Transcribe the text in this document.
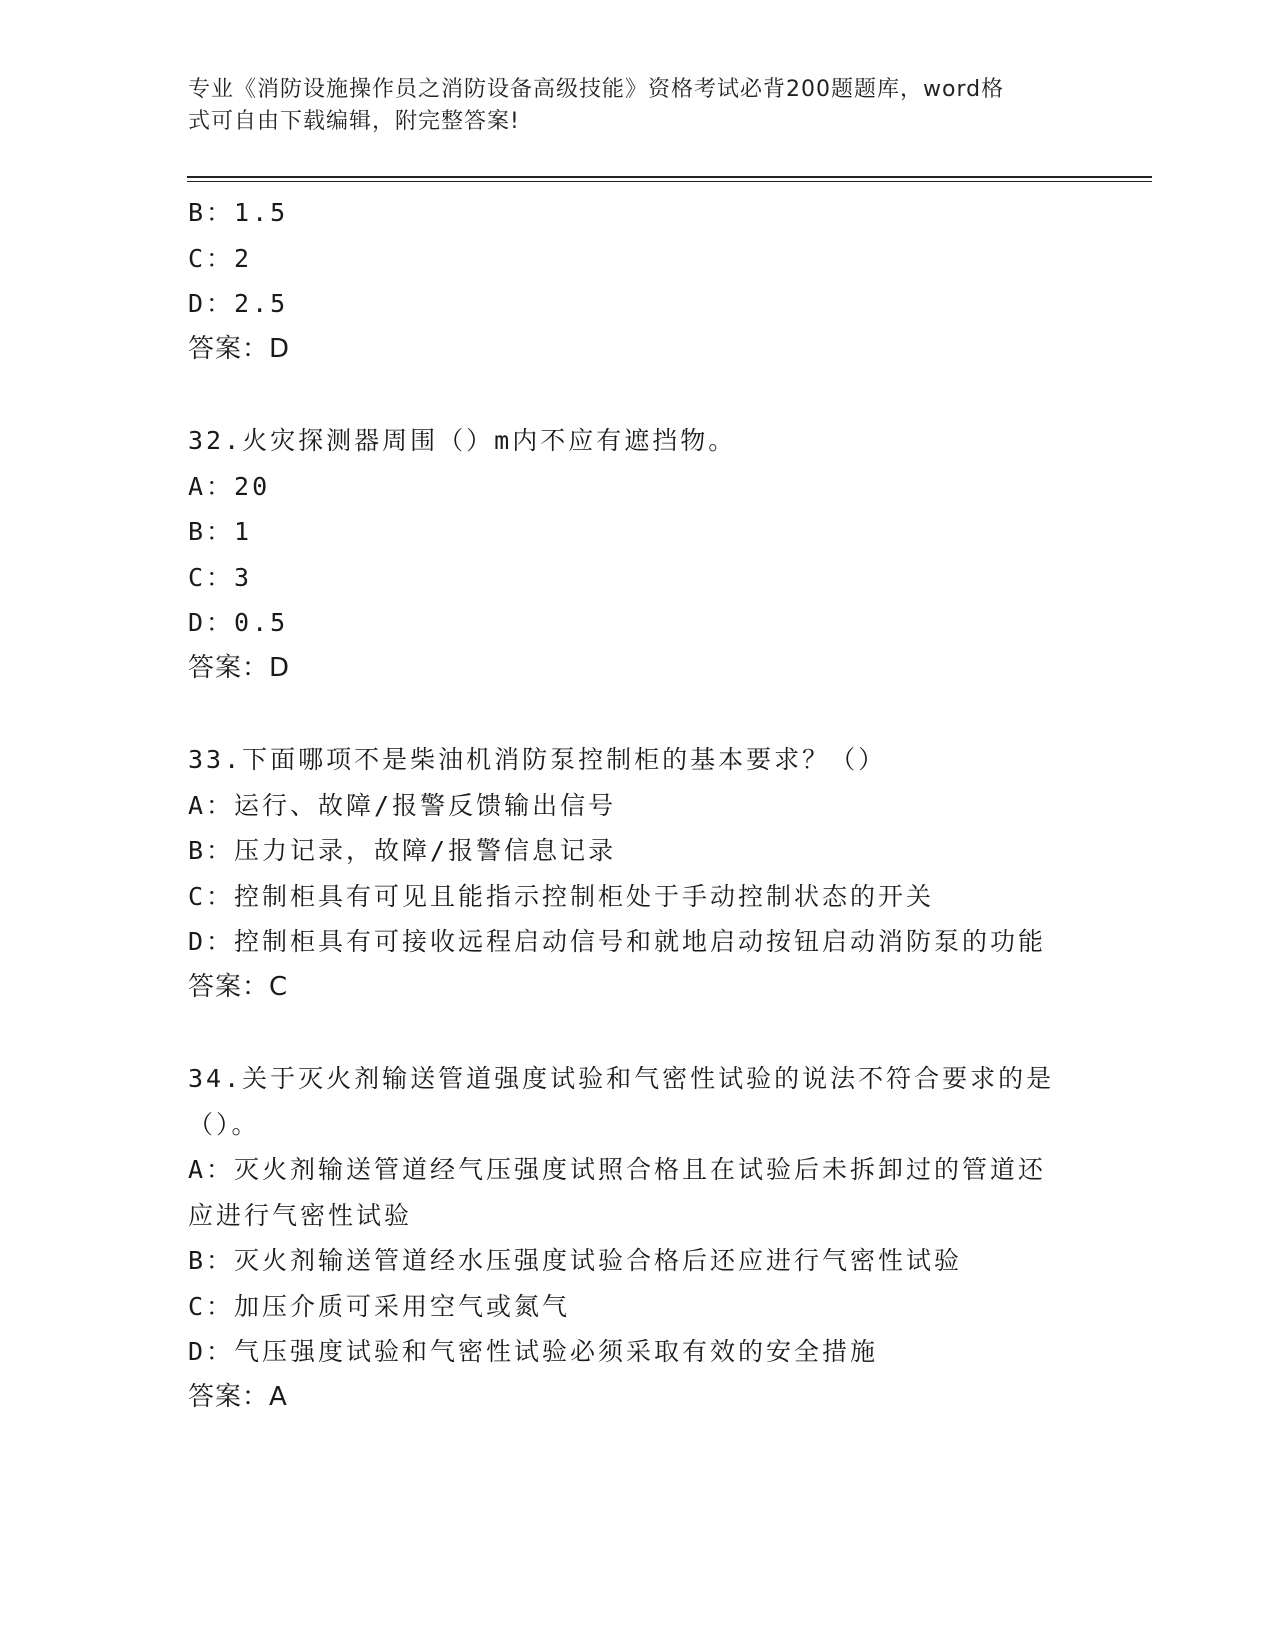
专业《消防设施操作员之消防设备高级技能》资格考试必背200题题库，word格
式可自由下载编辑，附完整答案!
B：1.5
C：2
D：2.5
答案：D
32.火灾探测器周围（）m内不应有遮挡物。
A：20
B：1
C：3
D：0.5
答案：D
33.下面哪项不是柴油机消防泵控制柜的基本要求？（）
A：运行、故障/报警反馈输出信号
B：压力记录，故障/报警信息记录
C：控制柜具有可见且能指示控制柜处于手动控制状态的开关
D：控制柜具有可接收远程启动信号和就地启动按钮启动消防泵的功能
答案：C
34.关于灭火剂输送管道强度试验和气密性试验的说法不符合要求的是
（）。
A：灭火剂输送管道经气压强度试照合格且在试验后未拆卸过的管道还
应进行气密性试验
B：灭火剂输送管道经水压强度试验合格后还应进行气密性试验
C：加压介质可采用空气或氮气
D：气压强度试验和气密性试验必须采取有效的安全措施
答案：A
